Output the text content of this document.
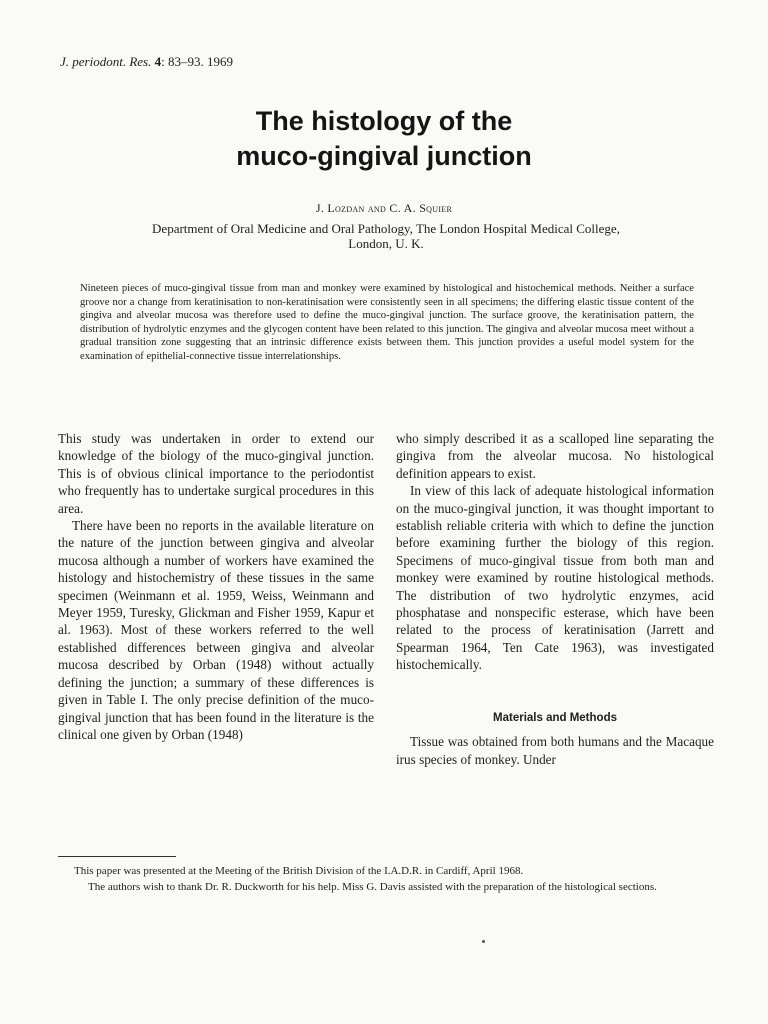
J. periodont. Res. 4: 83–93. 1969
The histology of the
muco-gingival junction
J. Lozdan and C. A. Squier
Department of Oral Medicine and Oral Pathology, The London Hospital Medical College,
London, U. K.
Nineteen pieces of muco-gingival tissue from man and monkey were examined by histological and histochemical methods. Neither a surface groove nor a change from keratinisation to non-keratinisation were consistently seen in all specimens; the differing elastic tissue content of the gingiva and alveolar mucosa was therefore used to define the muco-gingival junction. The surface groove, the keratinisation pattern, the distribution of hydrolytic enzymes and the glycogen content have been related to this junction. The gingiva and alveolar mucosa meet without a gradual transition zone suggesting that an intrinsic difference exists between them. This junction provides a useful model system for the examination of epithelial-connective tissue interrelationships.

This study was undertaken in order to extend our knowledge of the biology of the muco-gingival junction. This is of obvious clinical importance to the periodontist who frequently has to undertake surgical procedures in this area.

There have been no reports in the available literature on the nature of the junction between gingiva and alveolar mucosa although a number of workers have examined the histology and histochemistry of these tissues in the same specimen (Weinmann et al. 1959, Weiss, Weinmann and Meyer 1959, Turesky, Glickman and Fisher 1959, Kapur et al. 1963). Most of these workers referred to the well established differences between gingiva and alveolar mucosa described by Orban (1948) without actually defining the junction; a summary of these differences is given in Table I. The only precise definition of the muco-gingival junction that has been found in the literature is the clinical one given by Orban (1948)

who simply described it as a scalloped line separating the gingiva from the alveolar mucosa. No histological definition appears to exist.

In view of this lack of adequate histological information on the muco-gingival junction, it was thought important to establish reliable criteria with which to define the junction before examining further the biology of this region. Specimens of muco-gingival tissue from both man and monkey were examined by routine histological methods. The distribution of two hydrolytic enzymes, acid phosphatase and nonspecific esterase, which have been related to the process of keratinisation (Jarrett and Spearman 1964, Ten Cate 1963), was investigated histochemically.

Materials and Methods

Tissue was obtained from both humans and the Macaque irus species of monkey. Under

This paper was presented at the Meeting of the British Division of the I.A.D.R. in Cardiff, April 1968.

The authors wish to thank Dr. R. Duckworth for his help. Miss G. Davis assisted with the preparation of the histological sections.
